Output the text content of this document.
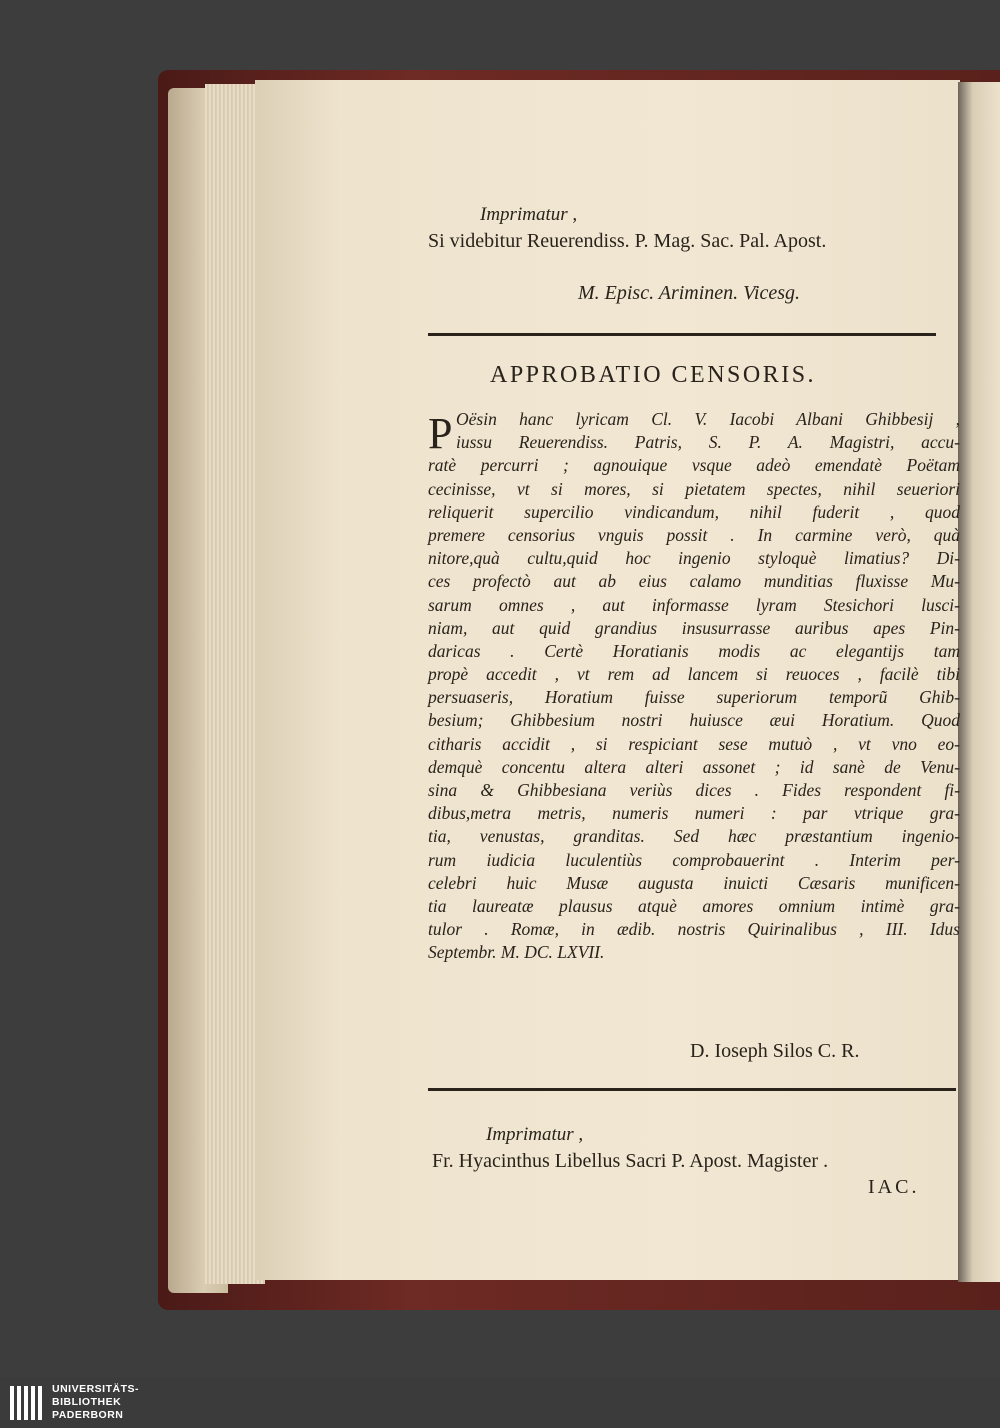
Imprimatur ,
Si videbitur Reuerendiss. P. Mag. Sac. Pal. Apost.
M. Episc. Ariminen. Vicesg.
APPROBATIO CENSORIS.
P Oësin hanc lyricam Cl. V. Iacobi Albani Ghibbesij ,
iussu Reuerendiss. Patris, S. P. A. Magistri, accu-
ratè percurri ; agnouique vsque adeò emendatè Poëtam
cecinisse, vt si mores, si pietatem spectes, nihil seueriori
reliquerit supercilio vindicandum, nihil fuderit , quod
premere censorius vnguis possit . In carmine verò, quà
nitore,quà cultu,quid hoc ingenio styloquè limatius? Di-
ces profectò aut ab eius calamo munditias fluxisse Mu-
sarum omnes , aut informasse lyram Stesichori lusci-
niam, aut quid grandius insusurrasse auribus apes Pin-
daricas . Certè Horatianis modis ac elegantijs tam
propè accedit , vt rem ad lancem si reuoces , facilè tibi
persuaseris, Horatium fuisse superiorum temporũ Ghib-
besium; Ghibbesium nostri huiusce æui Horatium. Quod
citharis accidit , si respiciant sese mutuò , vt vno eo-
demquè concentu altera alteri assonet ; id sanè de Venu-
sina & Ghibbesiana veriùs dices . Fides respondent fi-
dibus,metra metris, numeris numeri : par vtrique gra-
tia, venustas, granditas. Sed hæc præstantium ingenio-
rum iudicia luculentiùs comprobauerint . Interim per-
celebri huic Musæ augusta inuicti Cæsaris munificen-
tia laureatæ plausus atquè amores omnium intimè gra-
tulor . Romæ, in ædib. nostris Quirinalibus , III. Idus
Septembr. M. DC. LXVII.
D. Ioseph Silos C. R.
Imprimatur ,
Fr. Hyacinthus Libellus Sacri P. Apost. Magister .
IAC.
UNIVERSITÄTS-
BIBLIOTHEK
PADERBORN
